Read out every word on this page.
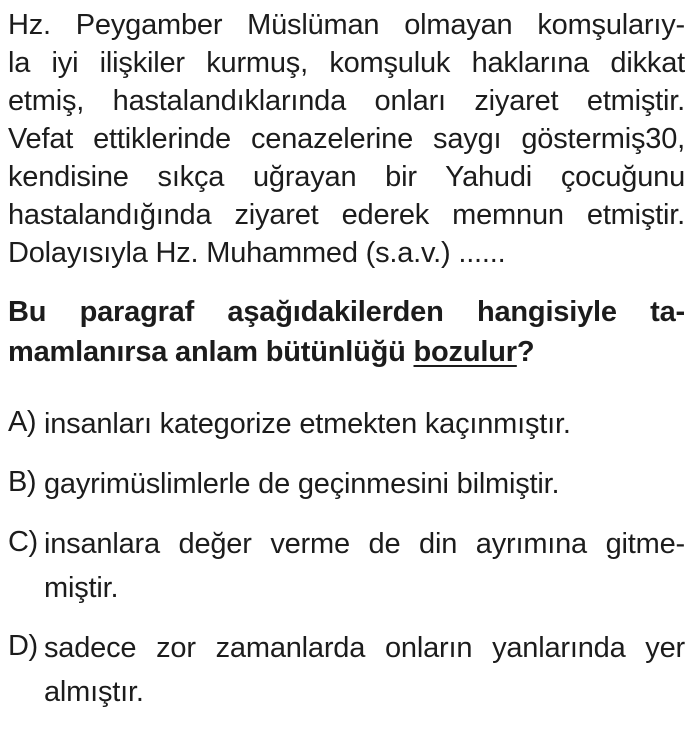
Hz. Peygamber Müslüman olmayan komşularıy-
la iyi ilişkiler kurmuş, komşuluk haklarına dikkat
etmiş, hastalandıklarında onları ziyaret etmiştir.
Vefat ettiklerinde cenazelerine saygı göstermiş30,
kendisine sıkça uğrayan bir Yahudi çocuğunu
hastalandığında ziyaret ederek memnun etmiştir.
Dolayısıyla Hz. Muhammed (s.a.v.) ......
Bu paragraf aşağıdakilerden hangisiyle ta-
mamlanırsa anlam bütünlüğü bozulur?
A) insanları kategorize etmekten kaçınmıştır.
B) gayrimüslimlerle de geçinmesini bilmiştir.
C) insanlara değer verme de din ayrımına gitme-
miştir.
D) sadece zor zamanlarda onların yanlarında yer
almıştır.
